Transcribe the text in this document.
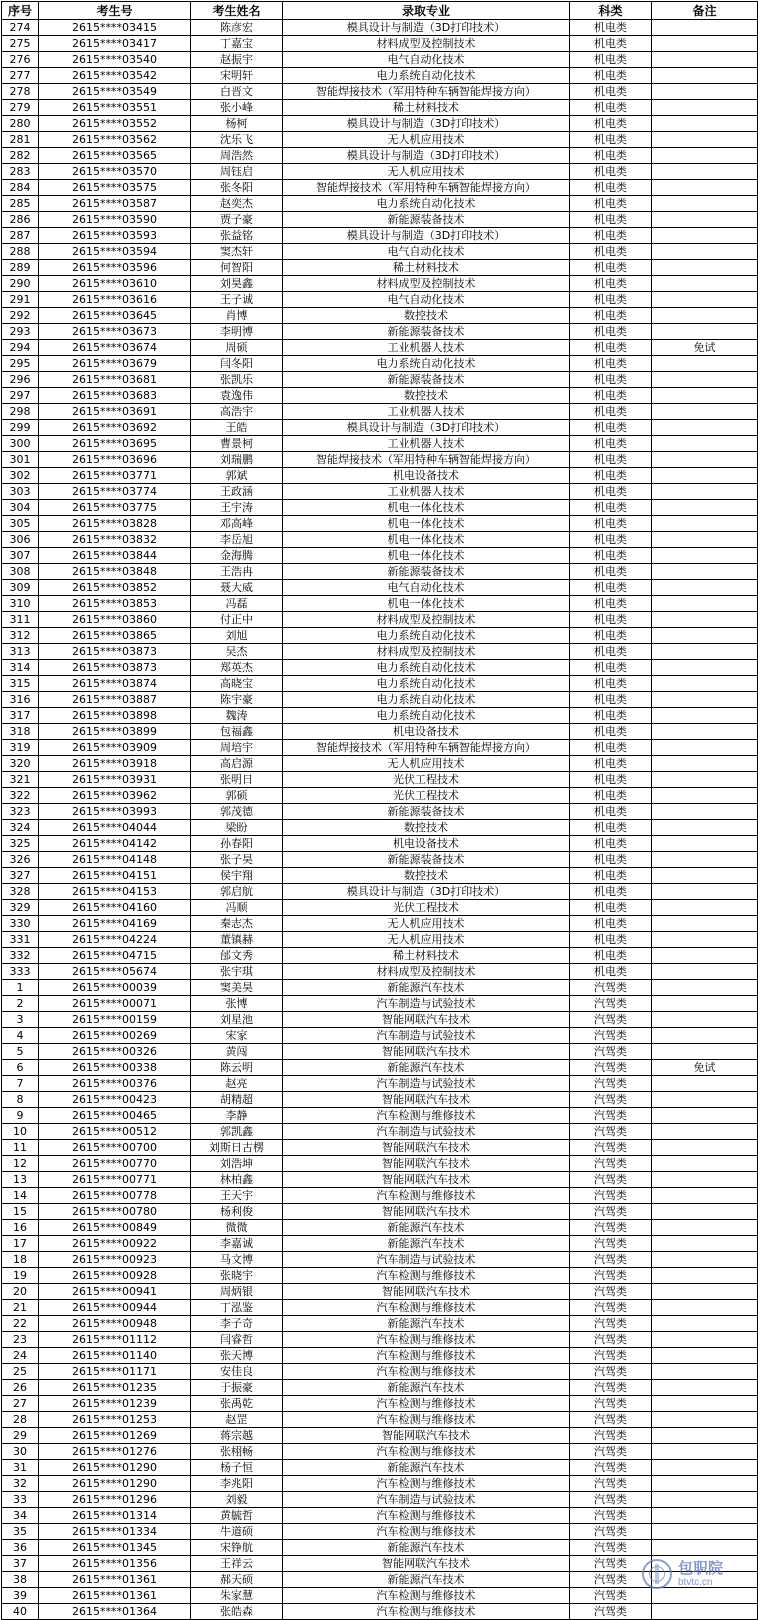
序号	考生号	考生姓名	录取专业	科类	备注
274	2615****03415	陈彦宏	模具设计与制造（3D打印技术）	机电类	
275	2615****03417	丁嘉宝	材料成型及控制技术	机电类	
276	2615****03540	赵振宇	电气自动化技术	机电类	
277	2615****03542	宋明轩	电力系统自动化技术	机电类	
278	2615****03549	白晋文	智能焊接技术（军用特种车辆智能焊接方向）	机电类	
279	2615****03551	张小峰	稀土材料技术	机电类	
280	2615****03552	杨柯	模具设计与制造（3D打印技术）	机电类	
281	2615****03562	沈乐飞	无人机应用技术	机电类	
282	2615****03565	周浩然	模具设计与制造（3D打印技术）	机电类	
283	2615****03570	周钰启	无人机应用技术	机电类	
284	2615****03575	张冬阳	智能焊接技术（军用特种车辆智能焊接方向）	机电类	
285	2615****03587	赵奕杰	电力系统自动化技术	机电类	
286	2615****03590	贾子豪	新能源装备技术	机电类	
287	2615****03593	张益铭	模具设计与制造（3D打印技术）	机电类	
288	2615****03594	窦杰轩	电气自动化技术	机电类	
289	2615****03596	何智阳	稀土材料技术	机电类	
290	2615****03610	刘昊鑫	材料成型及控制技术	机电类	
291	2615****03616	王子诚	电气自动化技术	机电类	
292	2615****03645	肖博	数控技术	机电类	
293	2615****03673	李明博	新能源装备技术	机电类	
294	2615****03674	周硕	工业机器人技术	机电类	免试
295	2615****03679	闫冬阳	电力系统自动化技术	机电类	
296	2615****03681	张凯乐	新能源装备技术	机电类	
297	2615****03683	袁逸伟	数控技术	机电类	
298	2615****03691	高浩宇	工业机器人技术	机电类	
299	2615****03692	王皓	模具设计与制造（3D打印技术）	机电类	
300	2615****03695	曹景柯	工业机器人技术	机电类	
301	2615****03696	刘瑞鹏	智能焊接技术（军用特种车辆智能焊接方向）	机电类	
302	2615****03771	郭斌	机电设备技术	机电类	
303	2615****03774	王政涵	工业机器人技术	机电类	
304	2615****03775	王宇涛	机电一体化技术	机电类	
305	2615****03828	邓高峰	机电一体化技术	机电类	
306	2615****03832	李岳旭	机电一体化技术	机电类	
307	2615****03844	金海腾	机电一体化技术	机电类	
308	2615****03848	王浩冉	新能源装备技术	机电类	
309	2615****03852	聂大威	电气自动化技术	机电类	
310	2615****03853	冯磊	机电一体化技术	机电类	
311	2615****03860	付正中	材料成型及控制技术	机电类	
312	2615****03865	刘旭	电力系统自动化技术	机电类	
313	2615****03873	吴杰	材料成型及控制技术	机电类	
314	2615****03873	郑英杰	电力系统自动化技术	机电类	
315	2615****03874	高晓宝	电力系统自动化技术	机电类	
316	2615****03887	陈宇豪	电力系统自动化技术	机电类	
317	2615****03898	魏涛	电力系统自动化技术	机电类	
318	2615****03899	包福鑫	机电设备技术	机电类	
319	2615****03909	周培宇	智能焊接技术（军用特种车辆智能焊接方向）	机电类	
320	2615****03918	高启源	无人机应用技术	机电类	
321	2615****03931	张明日	光伏工程技术	机电类	
322	2615****03962	郭硕	光伏工程技术	机电类	
323	2615****03993	郭茂德	新能源装备技术	机电类	
324	2615****04044	梁盼	数控技术	机电类	
325	2615****04142	孙春阳	机电设备技术	机电类	
326	2615****04148	张子昊	新能源装备技术	机电类	
327	2615****04151	侯宇翔	数控技术	机电类	
328	2615****04153	郭启航	模具设计与制造（3D打印技术）	机电类	
329	2615****04160	冯顺	光伏工程技术	机电类	
330	2615****04169	秦志杰	无人机应用技术	机电类	
331	2615****04224	董镇赫	无人机应用技术	机电类	
332	2615****04715	邰文秀	稀土材料技术	机电类	
333	2615****05674	张宇琪	材料成型及控制技术	机电类	
1	2615****00039	窦美昊	新能源汽车技术	汽驾类	
2	2615****00071	张博	汽车制造与试验技术	汽驾类	
3	2615****00159	刘星池	智能网联汽车技术	汽驾类	
4	2615****00269	宋家	汽车制造与试验技术	汽驾类	
5	2615****00326	黄闯	智能网联汽车技术	汽驾类	
6	2615****00338	陈云明	新能源汽车技术	汽驾类	免试
7	2615****00376	赵亮	汽车制造与试验技术	汽驾类	
8	2615****00423	胡精超	智能网联汽车技术	汽驾类	
9	2615****00465	李静	汽车检测与维修技术	汽驾类	
10	2615****00512	郭凯鑫	汽车制造与试验技术	汽驾类	
11	2615****00700	刘斯日古楞	智能网联汽车技术	汽驾类	
12	2615****00770	刘浩坤	智能网联汽车技术	汽驾类	
13	2615****00771	林柏鑫	智能网联汽车技术	汽驾类	
14	2615****00778	王天宇	汽车检测与维修技术	汽驾类	
15	2615****00780	杨利俊	智能网联汽车技术	汽驾类	
16	2615****00849	微微	新能源汽车技术	汽驾类	
17	2615****00922	李嘉诚	新能源汽车技术	汽驾类	
18	2615****00923	马文博	汽车制造与试验技术	汽驾类	
19	2615****00928	张晓宇	汽车检测与维修技术	汽驾类	
20	2615****00941	周炳银	智能网联汽车技术	汽驾类	
21	2615****00944	丁泓鉴	汽车检测与维修技术	汽驾类	
22	2615****00948	李子奇	新能源汽车技术	汽驾类	
23	2615****01112	闫睿哲	汽车检测与维修技术	汽驾类	
24	2615****01140	张天博	汽车检测与维修技术	汽驾类	
25	2615****01171	安佳良	汽车检测与维修技术	汽驾类	
26	2615****01235	于振豪	新能源汽车技术	汽驾类	
27	2615****01239	张禹乾	汽车检测与维修技术	汽驾类	
28	2615****01253	赵罡	汽车检测与维修技术	汽驾类	
29	2615****01269	蒋宗越	智能网联汽车技术	汽驾类	
30	2615****01276	张栩畅	汽车检测与维修技术	汽驾类	
31	2615****01290	杨子恒	新能源汽车技术	汽驾类	
32	2615****01290	李兆阳	汽车检测与维修技术	汽驾类	
33	2615****01296	刘毅	汽车制造与试验技术	汽驾类	
34	2615****01314	黄毓哲	汽车检测与维修技术	汽驾类	
35	2615****01334	牛道硕	汽车检测与维修技术	汽驾类	
36	2615****01345	宋铮航	新能源汽车技术	汽驾类	
37	2615****01356	王祥云	智能网联汽车技术	汽驾类	
38	2615****01361	郝天硕	新能源汽车技术	汽驾类	
39	2615****01361	朱家慧	汽车检测与维修技术	汽驾类	
40	2615****01364	张皓森	汽车检测与维修技术	汽驾类	
包职院
btvtc.cn
